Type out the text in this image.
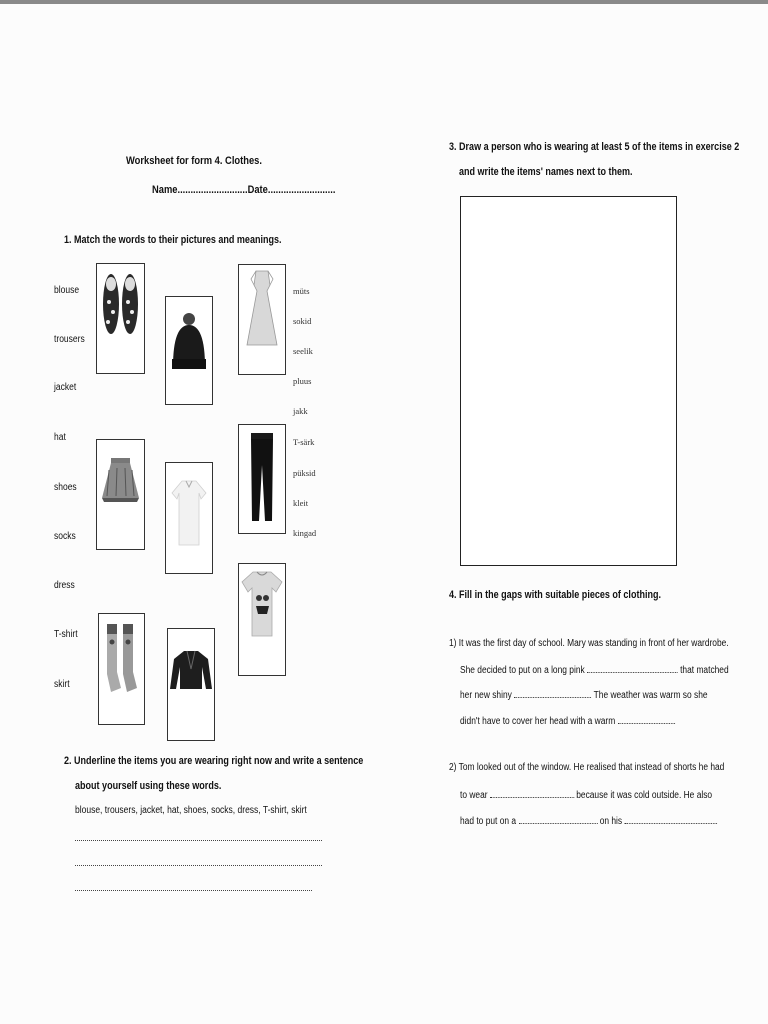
Worksheet for form 4. Clothes.
Name...........................Date..........................
1. Match the words to their pictures and meanings.
blouse
trousers
jacket
hat
shoes
socks
dress
T-shirt
skirt
müts
sokid
seelik
pluus
jakk
T-särk
püksid
kleit
kingad
2. Underline the items you are wearing right now and write a sentence
about yourself using these words.
blouse, trousers, jacket, hat, shoes, socks, dress, T-shirt, skirt
3. Draw a person who is wearing at least 5 of the items in exercise 2
and write the items' names next to them.
4. Fill in the gaps with suitable pieces of clothing.
1) It was the first day of school. Mary was standing in front of her wardrobe.
She decided to put on a long pink	that matched
her new shiny	The weather was warm so she
didn't have to cover her head with a warm
2) Tom looked out of the window. He realised that instead of shorts he had
to wear	because it was cold outside. He also
had to put on a	on his
